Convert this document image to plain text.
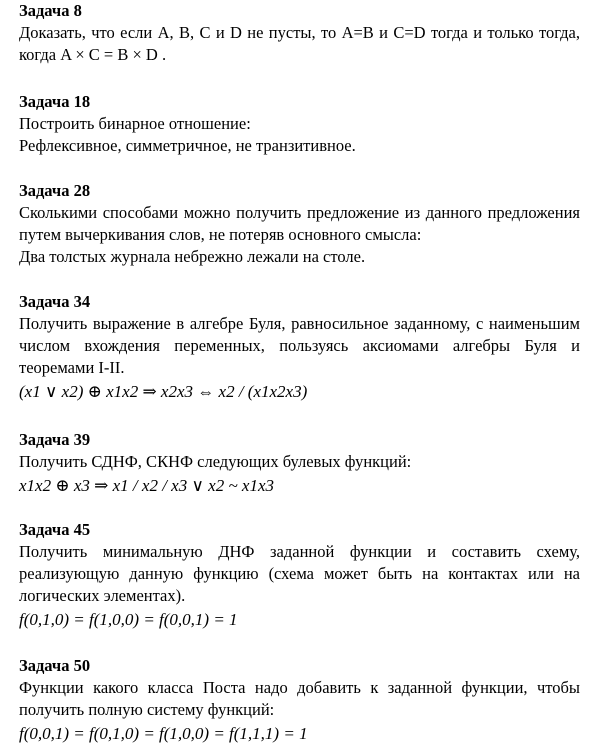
Задача 8

Доказать, что если A, B, C и D не пусты, то A=B и C=D тогда и только тогда, когда A × C = B × D .

Задача 18

Построить бинарное отношение:

Рефлексивное, симметричное, не транзитивное.

Задача 28

Сколькими способами можно получить предложение из данного предложения путем вычеркивания слов, не потеряв основного смысла:

Два толстых журнала небрежно лежали на столе.

Задача 34

Получить выражение в алгебре Буля, равносильное заданному, с наименьшим числом вхождения переменных, пользуясь аксиомами алгебры Буля и теоремами I-II.

(x1 ∨ x2) ⊕ x1x2 ⇒ x2x3 ⇔ x2 / (x1x2x3)
Задача 39

Получить СДНФ, СКНФ следующих булевых функций:

x1x2 ⊕ x3 ⇒ x1 / x2 / x3 ∨ x2 ~ x1x3
Задача 45

Получить минимальную ДНФ заданной функции и составить схему, реализующую данную функцию (схема может быть на контактах или на логических элементах).

f(0,1,0) = f(1,0,0) = f(0,0,1) = 1
Задача 50

Функции какого класса Поста надо добавить к заданной функции, чтобы получить полную систему функций:

f(0,0,1) = f(0,1,0) = f(1,0,0) = f(1,1,1) = 1
